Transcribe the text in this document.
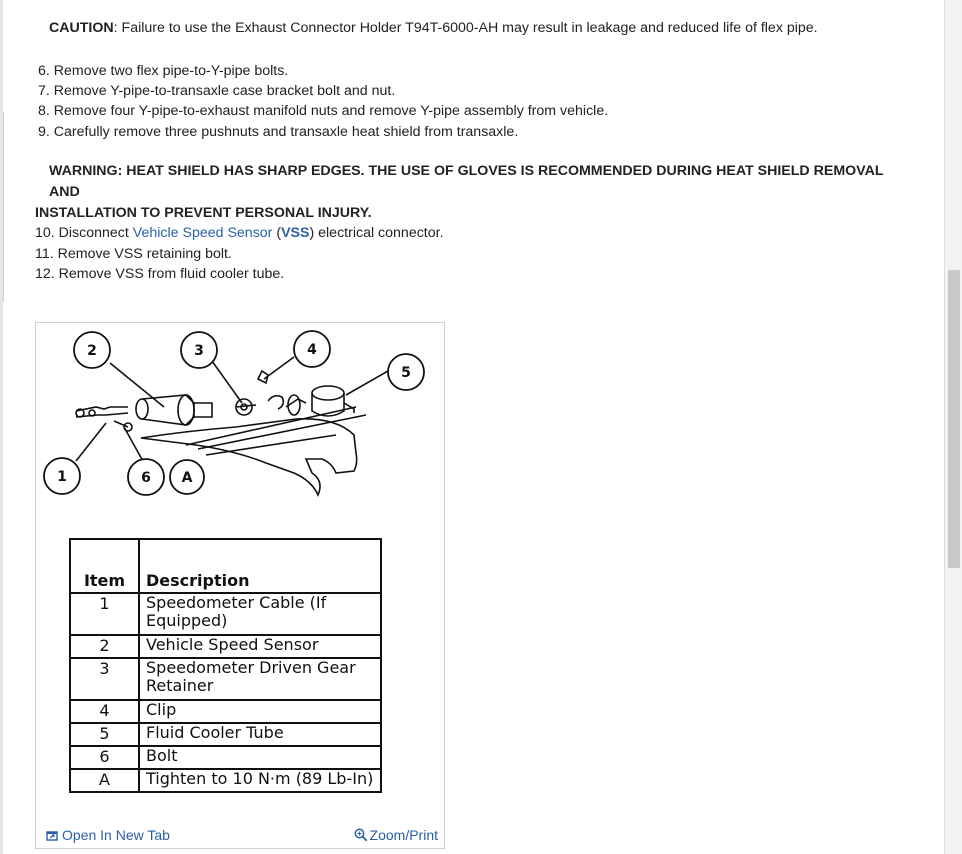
CAUTION: Failure to use the Exhaust Connector Holder T94T-6000-AH may result in leakage and reduced life of flex pipe.
6. Remove two flex pipe-to-Y-pipe bolts.
7. Remove Y-pipe-to-transaxle case bracket bolt and nut.
8. Remove four Y-pipe-to-exhaust manifold nuts and remove Y-pipe assembly from vehicle.
9. Carefully remove three pushnuts and transaxle heat shield from transaxle.
WARNING: HEAT SHIELD HAS SHARP EDGES. THE USE OF GLOVES IS RECOMMENDED DURING HEAT SHIELD REMOVAL AND
INSTALLATION TO PREVENT PERSONAL INJURY.
10. Disconnect Vehicle Speed Sensor (VSS) electrical connector.
11. Remove VSS retaining bolt.
12. Remove VSS from fluid cooler tube.
2	3	4
5
1	6 A
Item	Description
1	Speedometer Cable (If
Equipped)

2	Vehicle Speed Sensor
3	Speedometer Driven Gear
Retainer

4	Clip
5	Fluid Cooler Tube
6	Bolt
A	Tighten to 10 N·m (89 Lb-In)
Open In New Tab	Zoom/Print
